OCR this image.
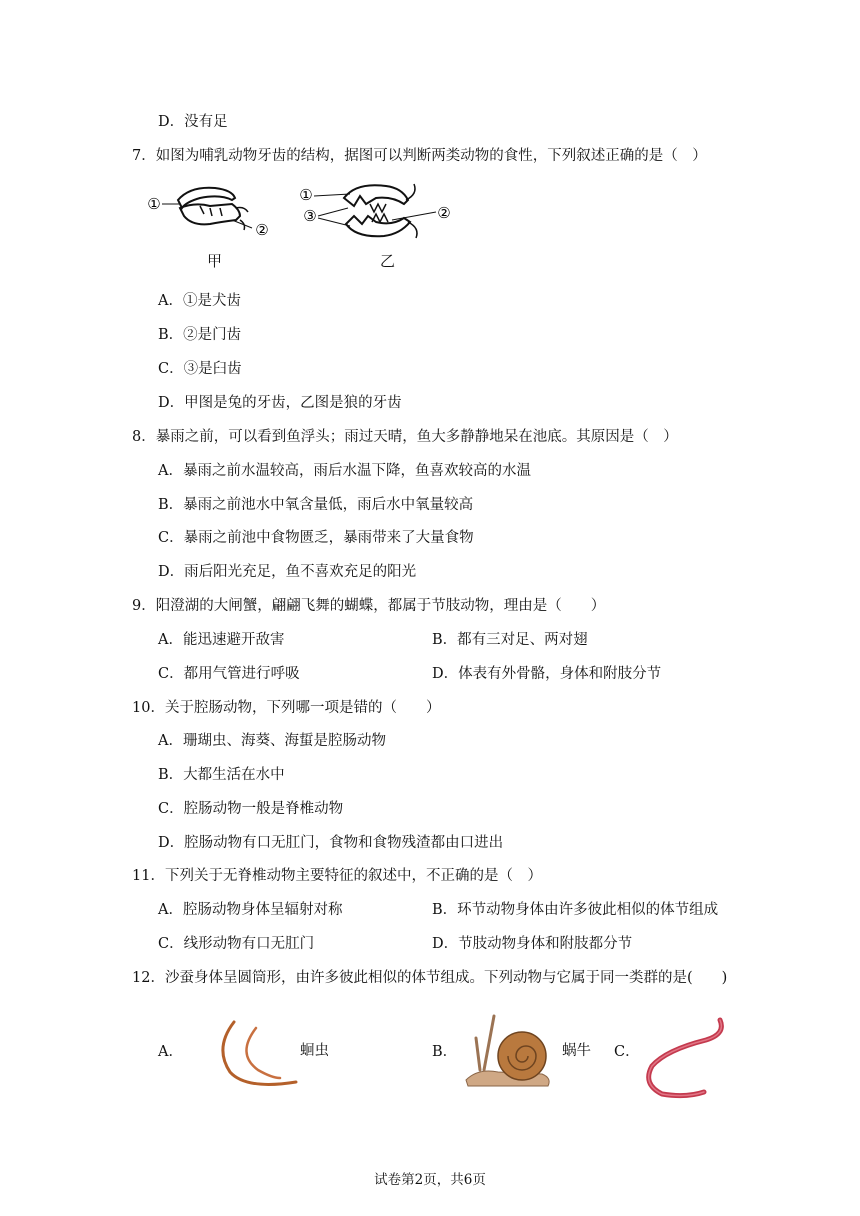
D．没有足
7．如图为哺乳动物牙齿的结构，据图可以判断两类动物的食性，下列叙述正确的是（　）
①
②
甲
①
③	②
乙
A．①是犬齿
B．②是门齿
C．③是臼齿
D．甲图是兔的牙齿，乙图是狼的牙齿
8．暴雨之前，可以看到鱼浮头；雨过天晴，鱼大多静静地呆在池底。其原因是（　）
A．暴雨之前水温较高，雨后水温下降，鱼喜欢较高的水温
B．暴雨之前池水中氧含量低，雨后水中氧量较高
C．暴雨之前池中食物匮乏，暴雨带来了大量食物
D．雨后阳光充足，鱼不喜欢充足的阳光
9．阳澄湖的大闸蟹，翩翩飞舞的蝴蝶，都属于节肢动物，理由是（　　）
A．能迅速避开敌害	B．都有三对足、两对翅
C．都用气管进行呼吸	D．体表有外骨骼，身体和附肢分节
10．关于腔肠动物，下列哪一项是错的（　　）
A．珊瑚虫、海葵、海蜇是腔肠动物
B．大都生活在水中
C．腔肠动物一般是脊椎动物
D．腔肠动物有口无肛门，食物和食物残渣都由口进出
11．下列关于无脊椎动物主要特征的叙述中，不正确的是（　）
A．腔肠动物身体呈辐射对称	B．环节动物身体由许多彼此相似的体节组成
C．线形动物有口无肛门	D．节肢动物身体和附肢都分节
12．沙蚕身体呈圆筒形，由许多彼此相似的体节组成。下列动物与它属于同一类群的是(　　)
A．	蛔虫	B．	蜗牛 C．
试卷第2页，共6页
